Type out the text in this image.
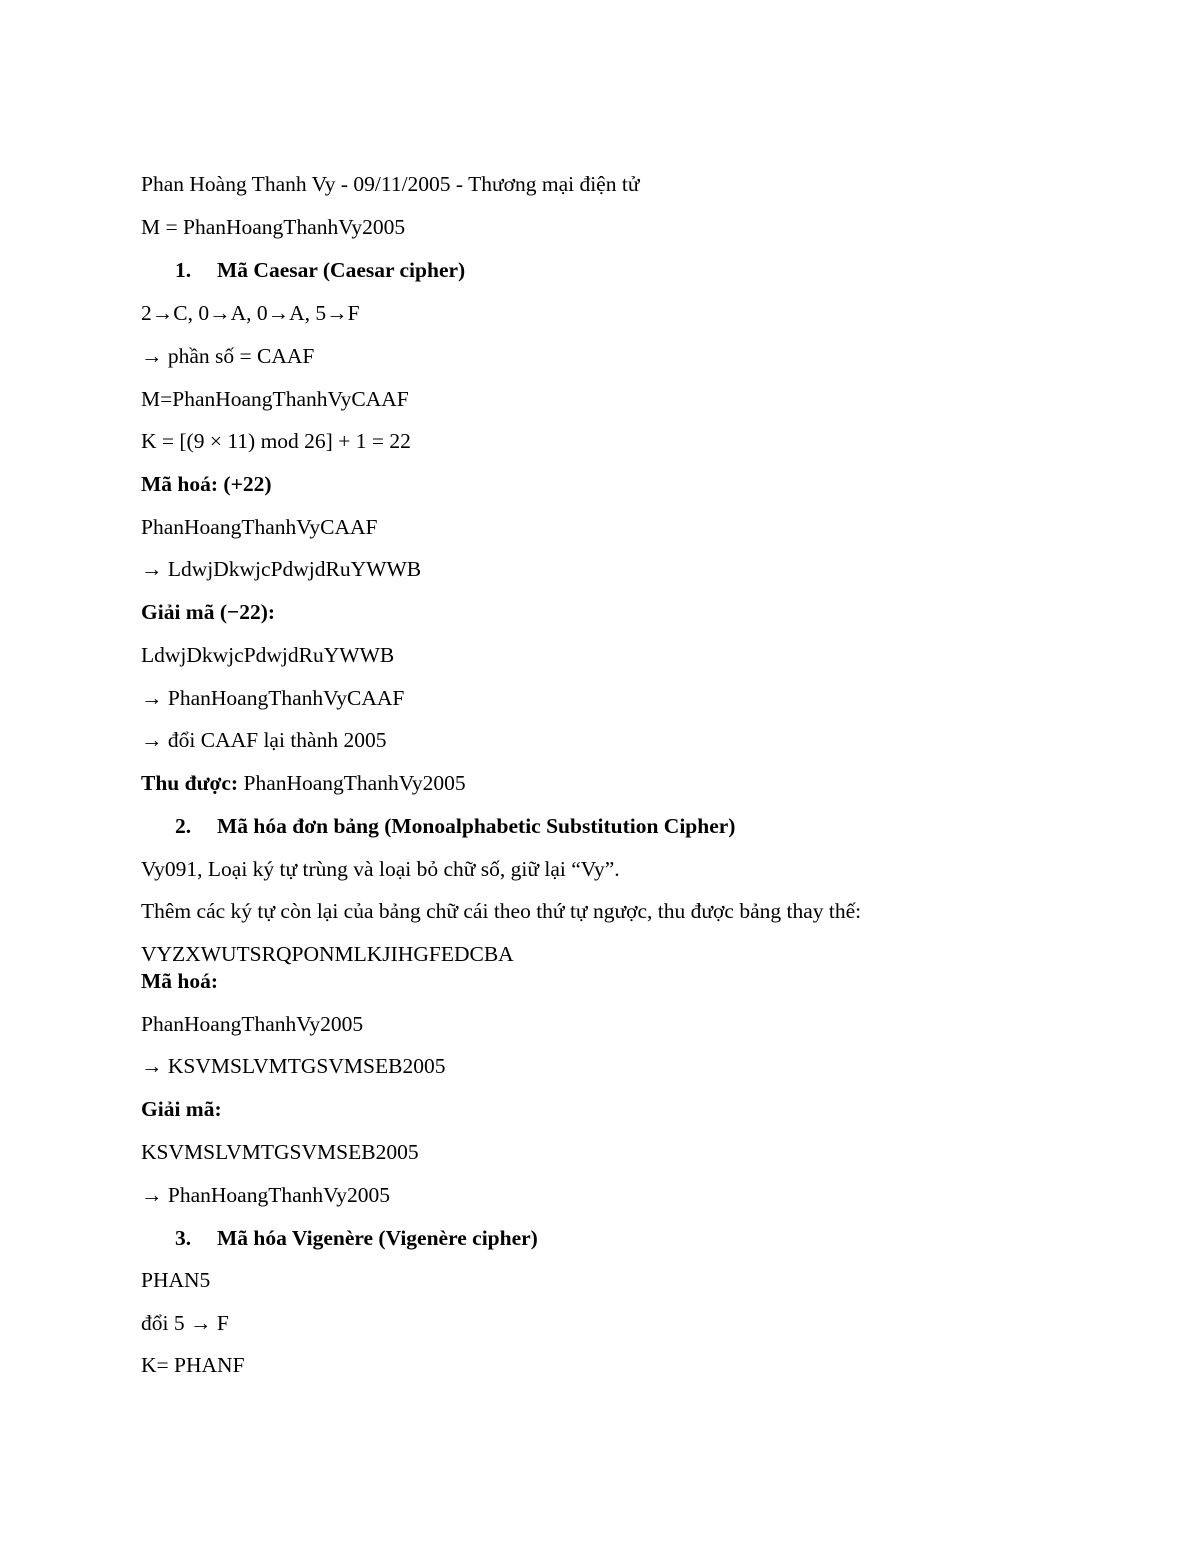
Phan Hoàng Thanh Vy - 09/11/2005 - Thương mại điện tử
M = PhanHoangThanhVy2005
1. Mã Caesar (Caesar cipher)
2→C, 0→A, 0→A, 5→F
→ phần số = CAAF
M=PhanHoangThanhVyCAAF
K = [(9 × 11) mod 26] + 1 = 22
Mã hoá: (+22)
PhanHoangThanhVyCAAF
→ LdwjDkwjcPdwjdRuYWWB
Giải mã (−22):
LdwjDkwjcPdwjdRuYWWB
→ PhanHoangThanhVyCAAF
→ đổi CAAF lại thành 2005
Thu được: PhanHoangThanhVy2005
2. Mã hóa đơn bảng (Monoalphabetic Substitution Cipher)
Vy091, Loại ký tự trùng và loại bỏ chữ số, giữ lại “Vy”.
Thêm các ký tự còn lại của bảng chữ cái theo thứ tự ngược, thu được bảng thay thế:
VYZXWUTSRQPONMLKJIHGFEDCBA
Mã hoá:
PhanHoangThanhVy2005
→ KSVMSLVMTGSVMSEB2005
Giải mã:
KSVMSLVMTGSVMSEB2005
→ PhanHoangThanhVy2005
3. Mã hóa Vigenère (Vigenère cipher)
PHAN5
đổi 5 → F
K= PHANF
